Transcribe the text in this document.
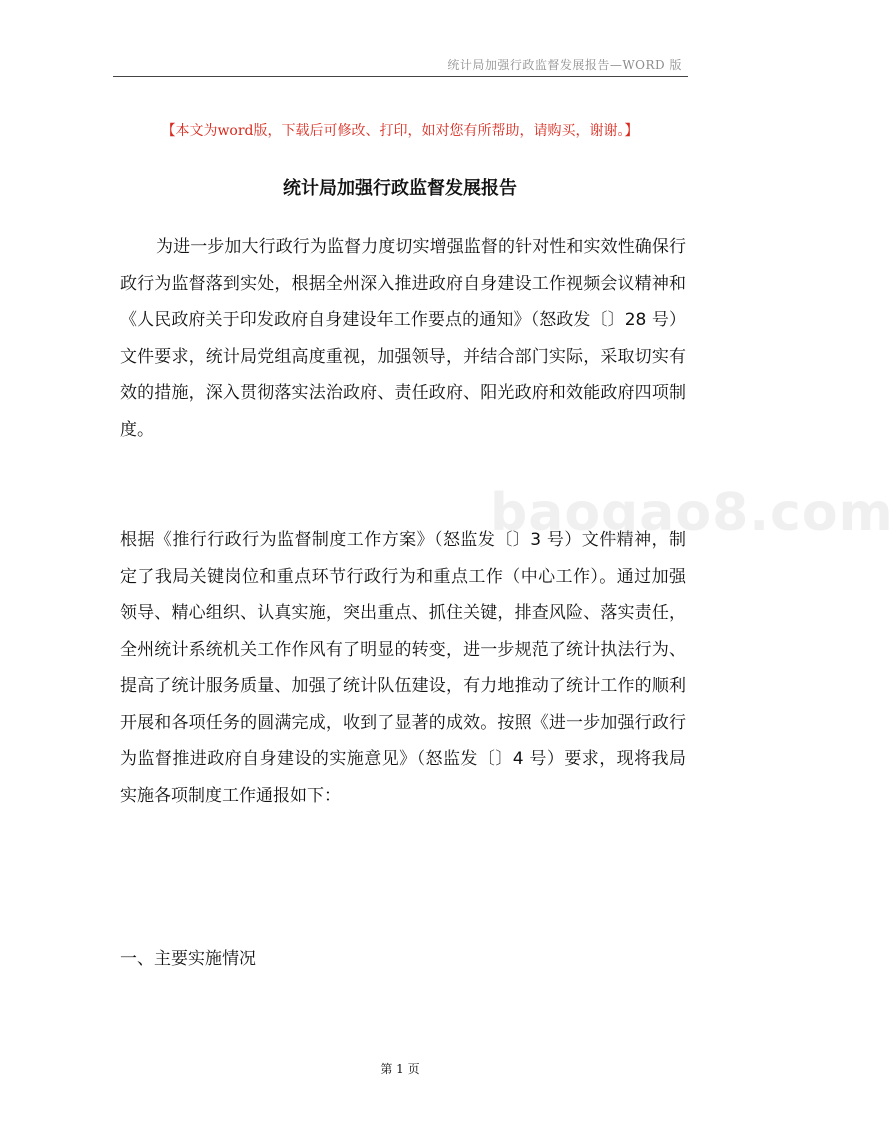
统计局加强行政监督发展报告—WORD 版
【本文为word版，下载后可修改、打印，如对您有所帮助，请购买，谢谢。】
统计局加强行政监督发展报告
为进一步加大行政行为监督力度切实增强监督的针对性和实效性确保行政行为监督落到实处，根据全州深入推进政府自身建设工作视频会议精神和《人民政府关于印发政府自身建设年工作要点的通知》（怒政发〔〕28 号）文件要求，统计局党组高度重视，加强领导，并结合部门实际，采取切实有效的措施，深入贯彻落实法治政府、责任政府、阳光政府和效能政府四项制度。
根据《推行行政行为监督制度工作方案》（怒监发〔〕3 号）文件精神，制定了我局关键岗位和重点环节行政行为和重点工作（中心工作）。通过加强领导、精心组织、认真实施，突出重点、抓住关键，排查风险、落实责任，全州统计系统机关工作作风有了明显的转变，进一步规范了统计执法行为、提高了统计服务质量、加强了统计队伍建设，有力地推动了统计工作的顺利开展和各项任务的圆满完成，收到了显著的成效。按照《进一步加强行政行为监督推进政府自身建设的实施意见》（怒监发〔〕4 号）要求，现将我局实施各项制度工作通报如下：
baogao8.com
一、主要实施情况
第 1 页
